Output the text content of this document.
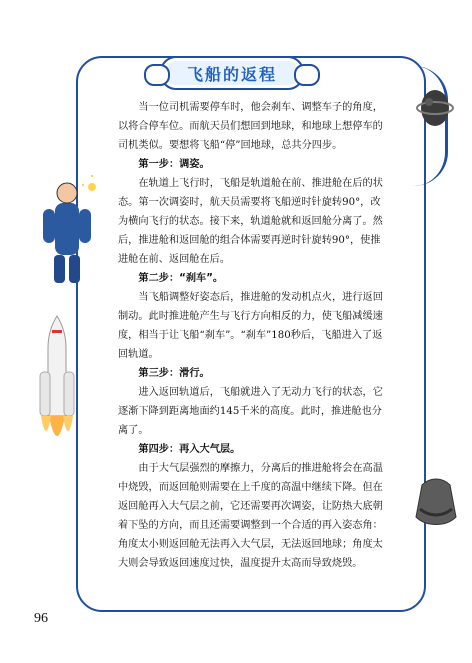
飞船的返程

当一位司机需要停车时，他会刹车、调整车子的角度，以将合停车位。而航天员们想回到地球，和地球上想停车的司机类似。要想将飞船“停”回地球，总共分四步。

第一步：调姿。

在轨道上飞行时，飞船是轨道舱在前、推进舱在后的状态。第一次调姿时，航天员需要将飞船逆时针旋转90°，改为横向飞行的状态。接下来，轨道舱就和返回舱分离了。然后，推进舱和返回舱的组合体需要再逆时针旋转90°，使推进舱在前、返回舱在后。

第二步：“刹车”。

当飞船调整好姿态后，推进舱的发动机点火，进行返回制动。此时推进舱产生与飞行方向相反的力，使飞船减缓速度，相当于让飞船“刹车”。“刹车”180秒后，飞船进入了返回轨道。

第三步：滑行。

进入返回轨道后，飞船就进入了无动力飞行的状态，它逐渐下降到距离地面约145千米的高度。此时，推进舱也分离了。

第四步：再入大气层。

由于大气层强烈的摩擦力，分离后的推进舱将会在高温中烧毁，而返回舱则需要在上千度的高温中继续下降。但在返回舱再入大气层之前，它还需要再次调姿，让防热大底朝着下坠的方向，而且还需要调整到一个合适的再入姿态角：角度太小则返回舱无法再入大气层，无法返回地球；角度太大则会导致返回速度过快，温度提升太高而导致烧毁。

96
